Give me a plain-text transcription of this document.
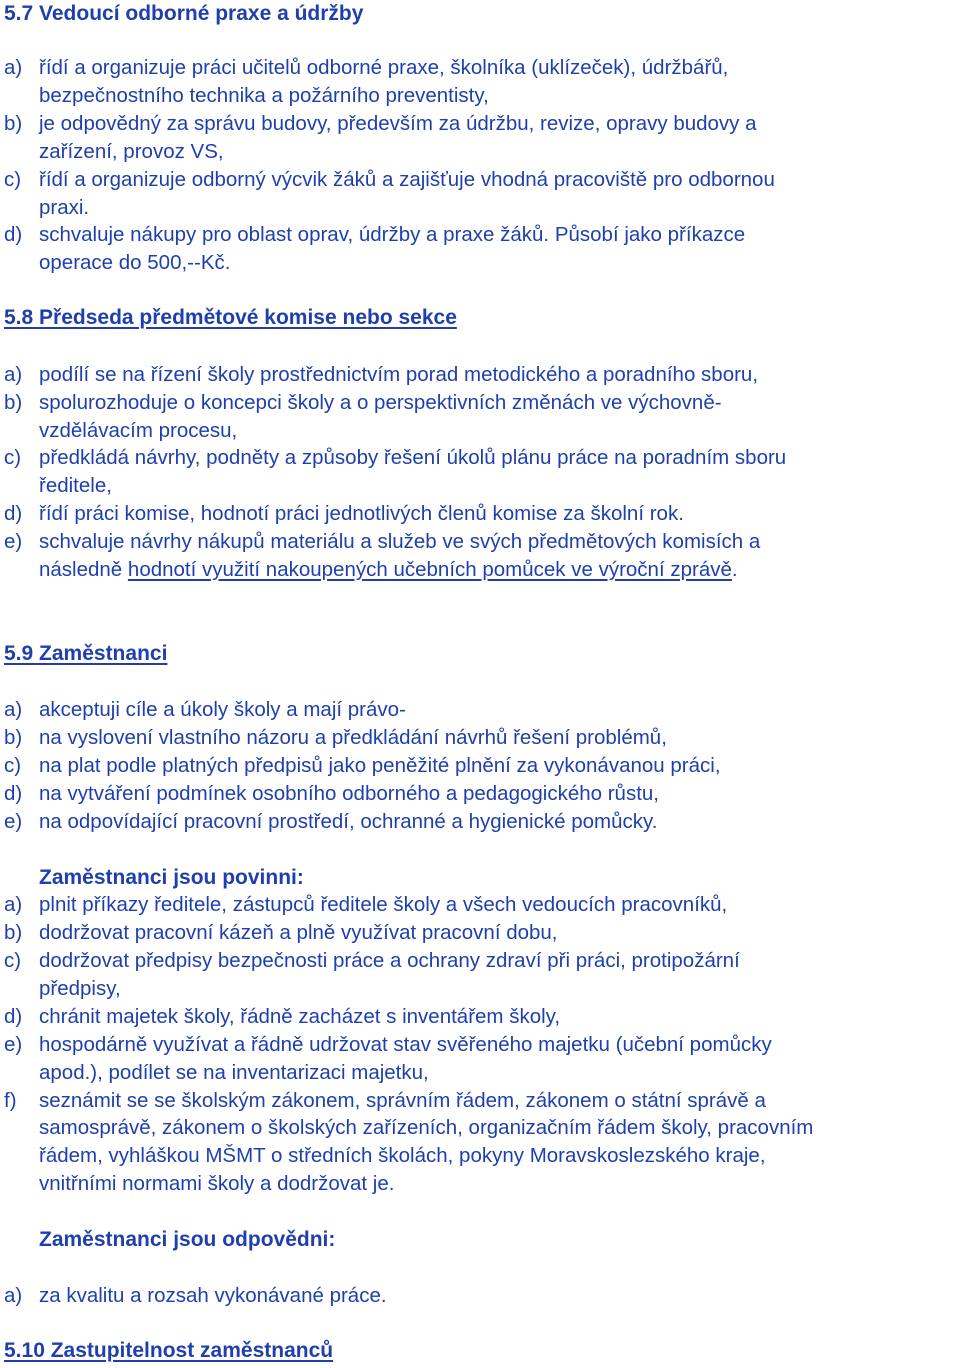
5.7 Vedoucí odborné praxe a údržby
a) řídí a organizuje práci učitelů odborné praxe, školníka (uklízeček), údržbářů,
bezpečnostního technika a požárního preventisty,
b) je odpovědný za správu budovy, především za údržbu, revize, opravy budovy a
zařízení, provoz VS,
c) řídí a organizuje odborný výcvik žáků a zajišťuje vhodná pracoviště pro odbornou
praxi.
d) schvaluje nákupy pro oblast oprav, údržby a praxe žáků. Působí jako příkazce
operace do 500,--Kč.
5.8 Předseda předmětové komise nebo sekce
a) podílí se na řízení školy prostřednictvím porad metodického a poradního sboru,
b) spolurozhoduje o koncepci školy a o perspektivních změnách ve výchovně-
vzdělávacím procesu,
c) předkládá návrhy, podněty a způsoby řešení úkolů plánu práce na poradním sboru
ředitele,
d) řídí práci komise, hodnotí práci jednotlivých členů komise za školní rok.
e) schvaluje návrhy nákupů materiálu a služeb ve svých předmětových komisích a
následně hodnotí využití nakoupených učebních pomůcek ve výroční zprávě.
5.9 Zaměstnanci
a) akceptuji cíle a úkoly školy a mají právo-
b) na vyslovení vlastního názoru a předkládání návrhů řešení problémů,
c) na plat podle platných předpisů jako peněžité plnění za vykonávanou práci,
d) na vytváření podmínek osobního odborného a pedagogického růstu,
e) na odpovídající pracovní prostředí, ochranné a hygienické pomůcky.
Zaměstnanci jsou povinni:
a) plnit příkazy ředitele, zástupců ředitele školy a všech vedoucích pracovníků,
b) dodržovat pracovní kázeň a plně využívat pracovní dobu,
c) dodržovat předpisy bezpečnosti práce a ochrany zdraví při práci, protipožární
předpisy,
d) chránit majetek školy, řádně zacházet s inventářem školy,
e) hospodárně využívat a řádně udržovat stav svěřeného majetku (učební pomůcky
apod.), podílet se na inventarizaci majetku,
f)	seznámit se se školským zákonem, správním řádem, zákonem o státní správě a
samosprávě, zákonem o školských zařízeních, organizačním řádem školy, pracovním
řádem, vyhláškou MŠMT o středních školách, pokyny Moravskoslezského kraje,
vnitřními normami školy a dodržovat je.
Zaměstnanci jsou odpovědni:
a) za kvalitu a rozsah vykonávané práce.
5.10 Zastupitelnost zaměstnanců
